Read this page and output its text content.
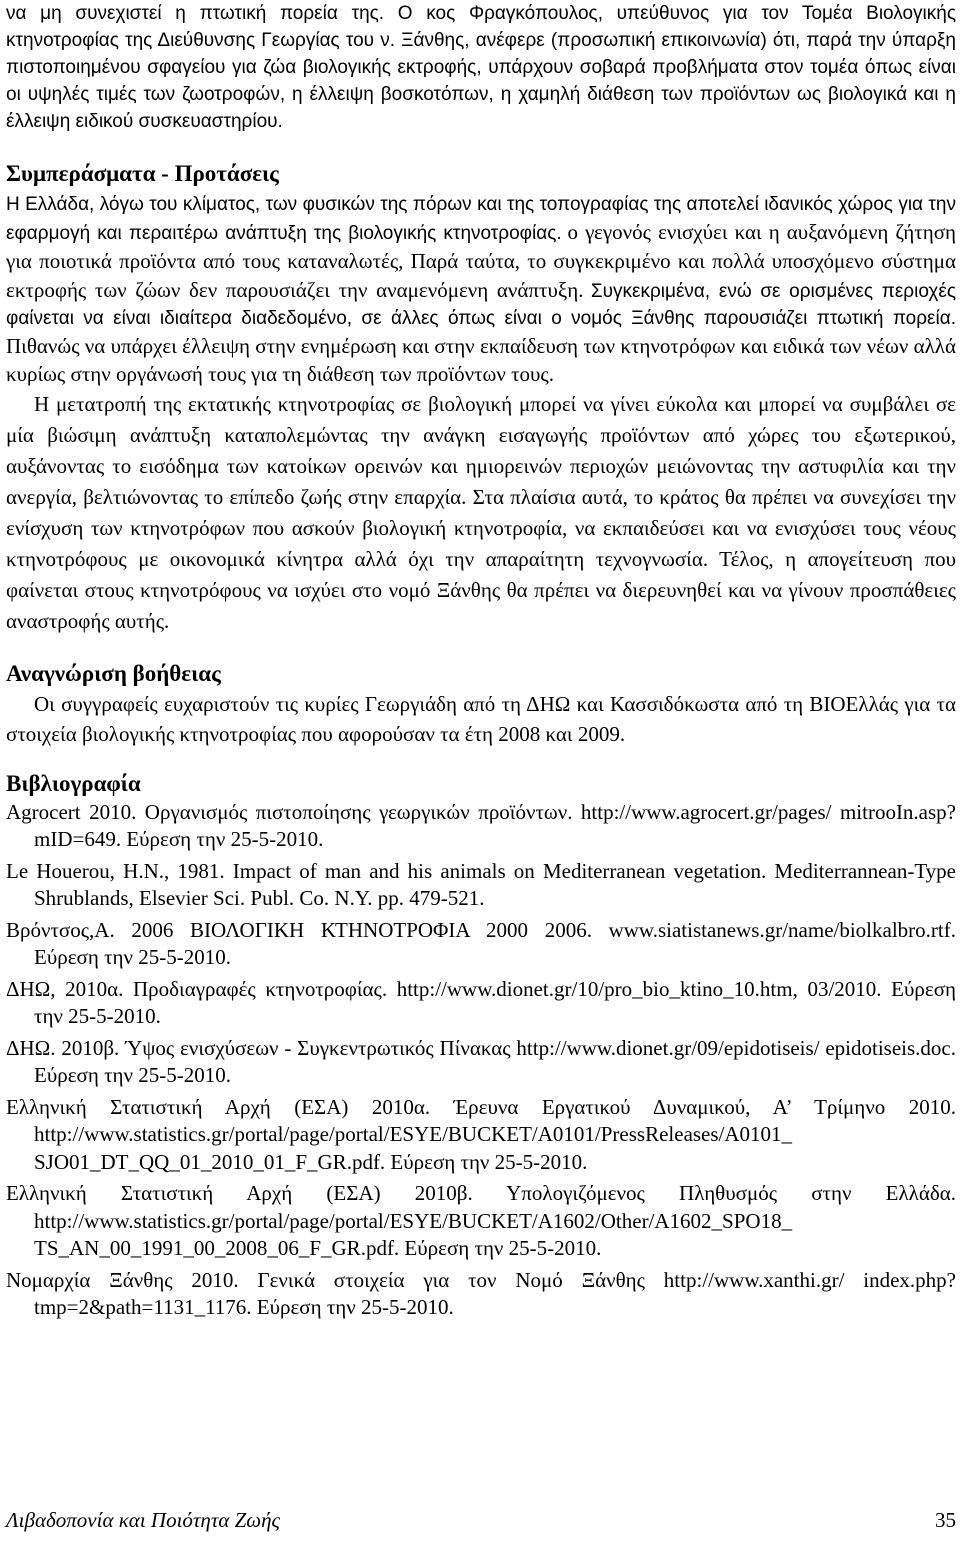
να μη συνεχιστεί η πτωτική πορεία της. Ο κος Φραγκόπουλος, υπεύθυνος για τον Τομέα Βιολογικής κτηνοτροφίας της Διεύθυνσης Γεωργίας του ν. Ξάνθης, ανέφερε (προσωπική επικοινωνία) ότι, παρά την ύπαρξη πιστοποιημένου σφαγείου για ζώα βιολογικής εκτροφής, υπάρχουν σοβαρά προβλήματα στον τομέα όπως είναι οι υψηλές τιμές των ζωοτροφών, η έλλειψη βοσκοτόπων, η χαμηλή διάθεση των προϊόντων ως βιολογικά και η έλλειψη ειδικού συσκευαστηρίου.

Συμπεράσματα - Προτάσεις

Η Ελλάδα, λόγω του κλίματος, των φυσικών της πόρων και της τοπογραφίας της αποτελεί ιδανικός χώρος για την εφαρμογή και περαιτέρω ανάπτυξη της βιολογικής κτηνοτροφίας. ο γεγονός ενισχύει και η αυξανόμενη ζήτηση για ποιοτικά προϊόντα από τους καταναλωτές, Παρά ταύτα, το συγκεκριμένο και πολλά υποσχόμενο σύστημα εκτροφής των ζώων δεν παρουσιάζει την αναμενόμενη ανάπτυξη. Συγκεκριμένα, ενώ σε ορισμένες περιοχές φαίνεται να είναι ιδιαίτερα διαδεδομένο, σε άλλες όπως είναι ο νομός Ξάνθης παρουσιάζει πτωτική πορεία. Πιθανώς να υπάρχει έλλειψη στην ενημέρωση και στην εκπαίδευση των κτηνοτρόφων και ειδικά των νέων αλλά κυρίως στην οργάνωσή τους για τη διάθεση των προϊόντων τους.

Η μετατροπή της εκτατικής κτηνοτροφίας σε βιολογική μπορεί να γίνει εύκολα και μπορεί να συμβάλει σε μία βιώσιμη ανάπτυξη καταπολεμώντας την ανάγκη εισαγωγής προϊόντων από χώρες του εξωτερικού, αυξάνοντας το εισόδημα των κατοίκων ορεινών και ημιορεινών περιοχών μειώνοντας την αστυφιλία και την ανεργία, βελτιώνοντας το επίπεδο ζωής στην επαρχία. Στα πλαίσια αυτά, το κράτος θα πρέπει να συνεχίσει την ενίσχυση των κτηνοτρόφων που ασκούν βιολογική κτηνοτροφία, να εκπαιδεύσει και να ενισχύσει τους νέους κτηνοτρόφους με οικονομικά κίνητρα αλλά όχι την απαραίτητη τεχνογνωσία. Τέλος, η απογείτευση που φαίνεται στους κτηνοτρόφους να ισχύει στο νομό Ξάνθης θα πρέπει να διερευνηθεί και να γίνουν προσπάθειες αναστροφής αυτής.

Αναγνώριση βοήθειας

Οι συγγραφείς ευχαριστούν τις κυρίες Γεωργιάδη από τη ΔΗΩ και Κασσιδόκωστα από τη ΒΙΟΕλλάς για τα στοιχεία βιολογικής κτηνοτροφίας που αφορούσαν τα έτη 2008 και 2009.

Βιβλιογραφία

Agrocert 2010. Οργανισμός πιστοποίησης γεωργικών προϊόντων. http://www.agrocert.gr/pages/ mitrooIn.asp?mID=649. Εύρεση την 25-5-2010.

Le Houerou, H.N., 1981. Impact of man and his animals on Mediterranean vegetation. Mediterrannean-Type Shrublands, Elsevier Sci. Publ. Co. N.Y. pp. 479-521.

Βρόντσος,Α. 2006 ΒΙΟΛΟΓΙΚΗ ΚΤΗΝΟΤΡΟΦΙΑ 2000 2006. www.siatistanews.gr/name/biolkalbro.rtf. Εύρεση την 25-5-2010.

ΔΗΩ, 2010α. Προδιαγραφές κτηνοτροφίας. http://www.dionet.gr/10/pro_bio_ktino_10.htm, 03/2010. Εύρεση την 25-5-2010.

ΔΗΩ. 2010β. Ύψος ενισχύσεων - Συγκεντρωτικός Πίνακας http://www.dionet.gr/09/epidotiseis/ epidotiseis.doc. Εύρεση την 25-5-2010.

Ελληνική Στατιστική Αρχή (ΕΣΑ) 2010α. Έρευνα Εργατικού Δυναμικού, Α’ Τρίμηνο 2010. http://www.statistics.gr/portal/page/portal/ESYE/BUCKET/A0101/PressReleases/A0101_ SJO01_DT_QQ_01_2010_01_F_GR.pdf. Εύρεση την 25-5-2010.

Ελληνική Στατιστική Αρχή (ΕΣΑ) 2010β. Υπολογιζόμενος Πληθυσμός στην Ελλάδα. http://www.statistics.gr/portal/page/portal/ESYE/BUCKET/A1602/Other/A1602_SPO18_ TS_AN_00_1991_00_2008_06_F_GR.pdf. Εύρεση την 25-5-2010.

Νομαρχία Ξάνθης 2010. Γενικά στοιχεία για τον Νομό Ξάνθης http://www.xanthi.gr/ index.php?tmp=2&path=1131_1176. Εύρεση την 25-5-2010.

Λιβαδοπονία και Ποιότητα Ζωής	35
